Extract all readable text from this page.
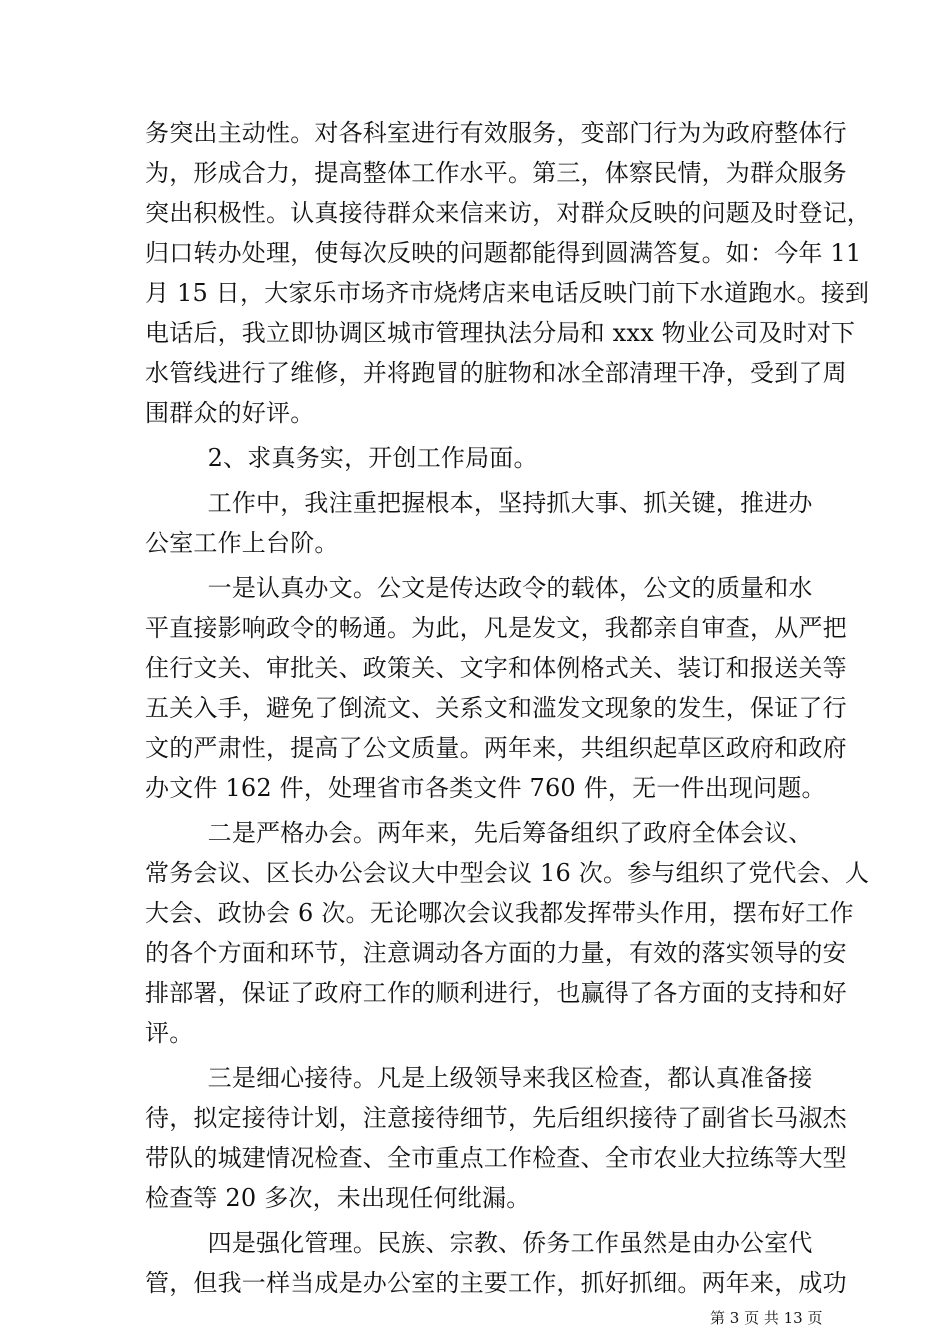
务突出主动性。对各科室进行有效服务，变部门行为为政府整体行
为，形成合力，提高整体工作水平。第三，体察民情，为群众服务
突出积极性。认真接待群众来信来访，对群众反映的问题及时登记，
归口转办处理，使每次反映的问题都能得到圆满答复。如：今年 11
月 15 日，大家乐市场齐市烧烤店来电话反映门前下水道跑水。接到
电话后，我立即协调区城市管理执法分局和 xxx 物业公司及时对下
水管线进行了维修，并将跑冒的脏物和冰全部清理干净，受到了周
围群众的好评。
2、求真务实，开创工作局面。
工作中，我注重把握根本，坚持抓大事、抓关键，推进办
公室工作上台阶。
一是认真办文。公文是传达政令的载体，公文的质量和水
平直接影响政令的畅通。为此，凡是发文，我都亲自审查，从严把
住行文关、审批关、政策关、文字和体例格式关、装订和报送关等
五关入手，避免了倒流文、关系文和滥发文现象的发生，保证了行
文的严肃性，提高了公文质量。两年来，共组织起草区政府和政府
办文件 162 件，处理省市各类文件 760 件，无一件出现问题。
二是严格办会。两年来，先后筹备组织了政府全体会议、
常务会议、区长办公会议大中型会议 16 次。参与组织了党代会、人
大会、政协会 6 次。无论哪次会议我都发挥带头作用，摆布好工作
的各个方面和环节，注意调动各方面的力量，有效的落实领导的安
排部署，保证了政府工作的顺利进行，也赢得了各方面的支持和好
评。
三是细心接待。凡是上级领导来我区检查，都认真准备接
待，拟定接待计划，注意接待细节，先后组织接待了副省长马淑杰
带队的城建情况检查、全市重点工作检查、全市农业大拉练等大型
检查等 20 多次，未出现任何纰漏。
四是强化管理。民族、宗教、侨务工作虽然是由办公室代
管，但我一样当成是办公室的主要工作，抓好抓细。两年来，成功
第 3 页 共 13 页
